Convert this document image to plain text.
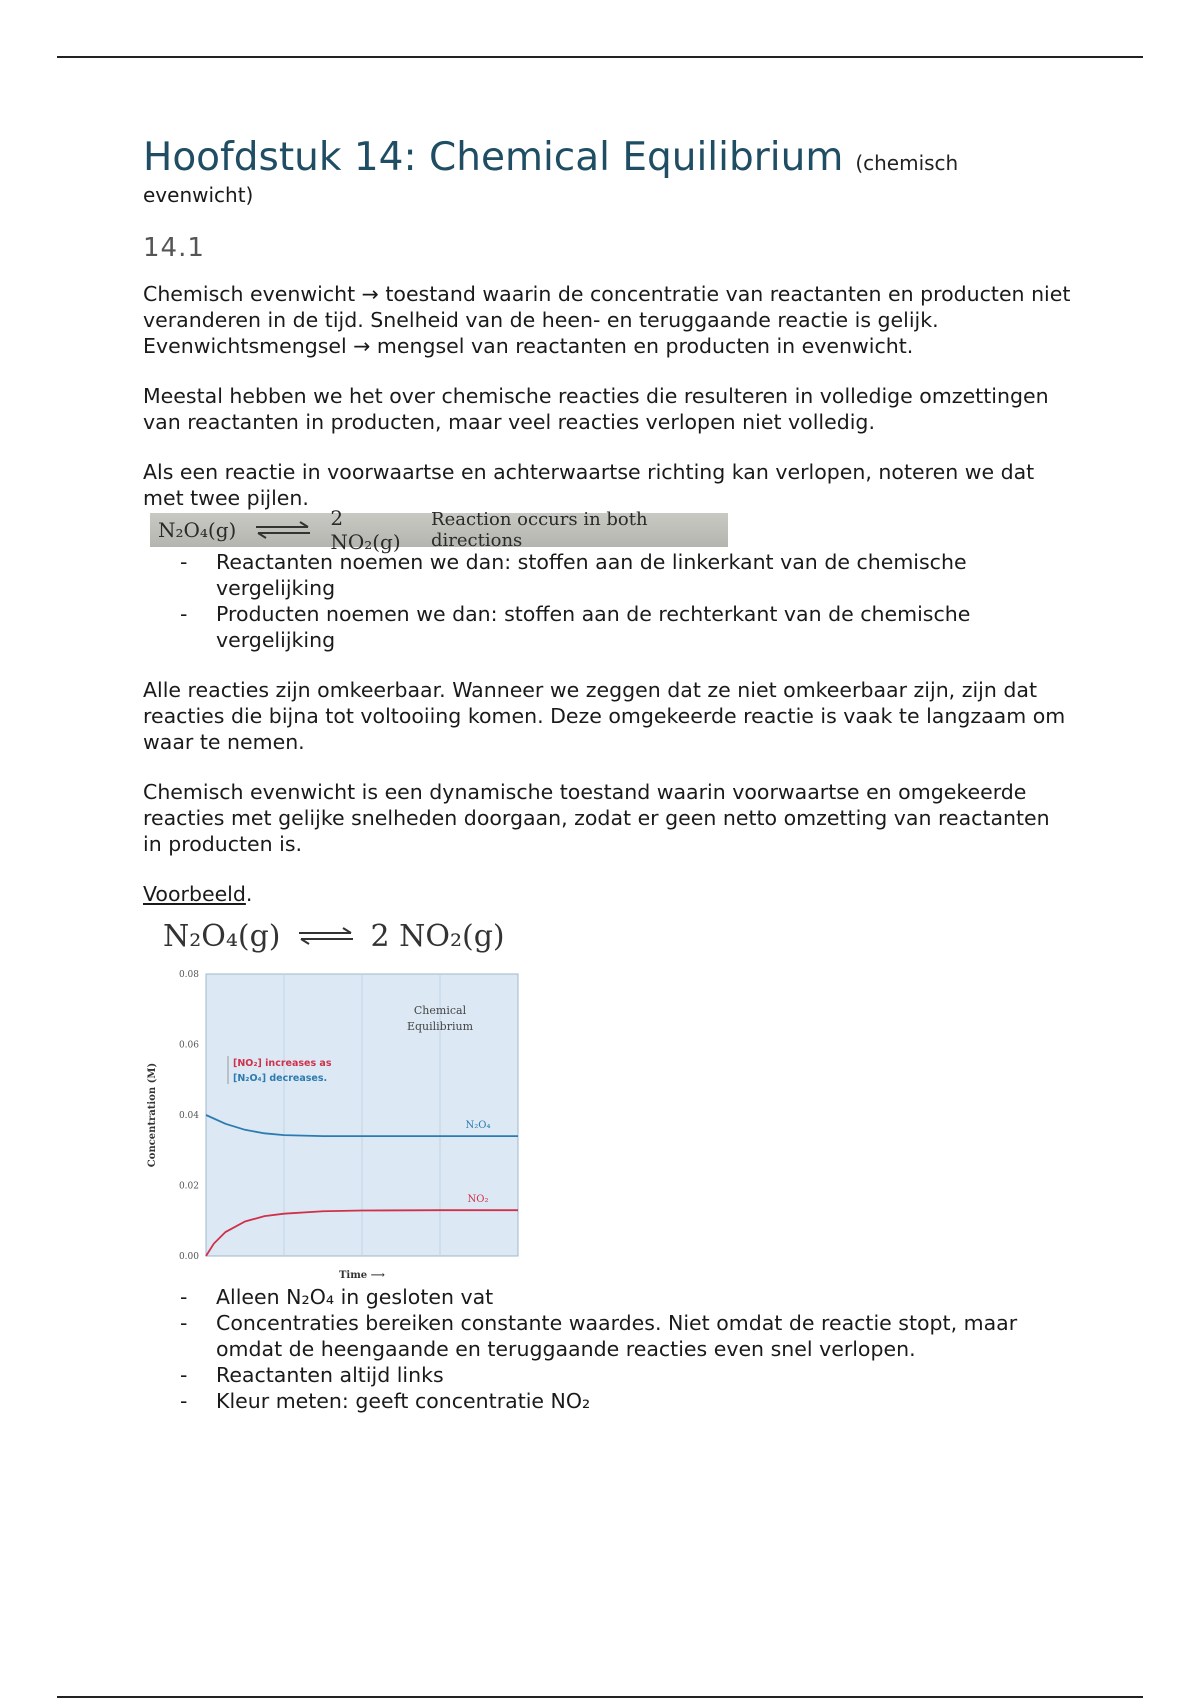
Hoofdstuk 14: Chemical Equilibrium (chemisch
evenwicht)
14.1

Chemisch evenwicht → toestand waarin de concentratie van reactanten en producten niet veranderen in de tijd. Snelheid van de heen- en teruggaande reactie is gelijk.

Evenwichtsmengsel → mengsel van reactanten en producten in evenwicht.

Meestal hebben we het over chemische reacties die resulteren in volledige omzettingen van reactanten in producten, maar veel reacties verlopen niet volledig.

Als een reactie in voorwaartse en achterwaartse richting kan verlopen, noteren we dat met twee pijlen.

N₂O₄(g) ⇌ 2 NO₂(g)
Reaction occurs in both directions
- Reactanten noemen we dan: stoffen aan de linkerkant van de chemische vergelijking
- Producten noemen we dan: stoffen aan de rechterkant van de chemische vergelijking

Alle reacties zijn omkeerbaar. Wanneer we zeggen dat ze niet omkeerbaar zijn, zijn dat reacties die bijna tot voltooiing komen. Deze omgekeerde reactie is vaak te langzaam om waar te nemen.

Chemisch evenwicht is een dynamische toestand waarin voorwaartse en omgekeerde reacties met gelijke snelheden doorgaan, zodat er geen netto omzetting van reactanten in producten is.

Voorbeeld.

N₂O₄(g) ⇌ 2 NO₂(g)
0.08
0.06
0.04
0.02
0.00
Concentration (M)
Time ⟶
N₂O₄
NO₂
Chemical
Equilibrium
[NO₂] increases as
[N₂O₄] decreases.
- Alleen N₂O₄ in gesloten vat
- Concentraties bereiken constante waardes. Niet omdat de reactie stopt, maar omdat de heengaande en teruggaande reacties even snel verlopen.
- Reactanten altijd links
- Kleur meten: geeft concentratie NO₂
